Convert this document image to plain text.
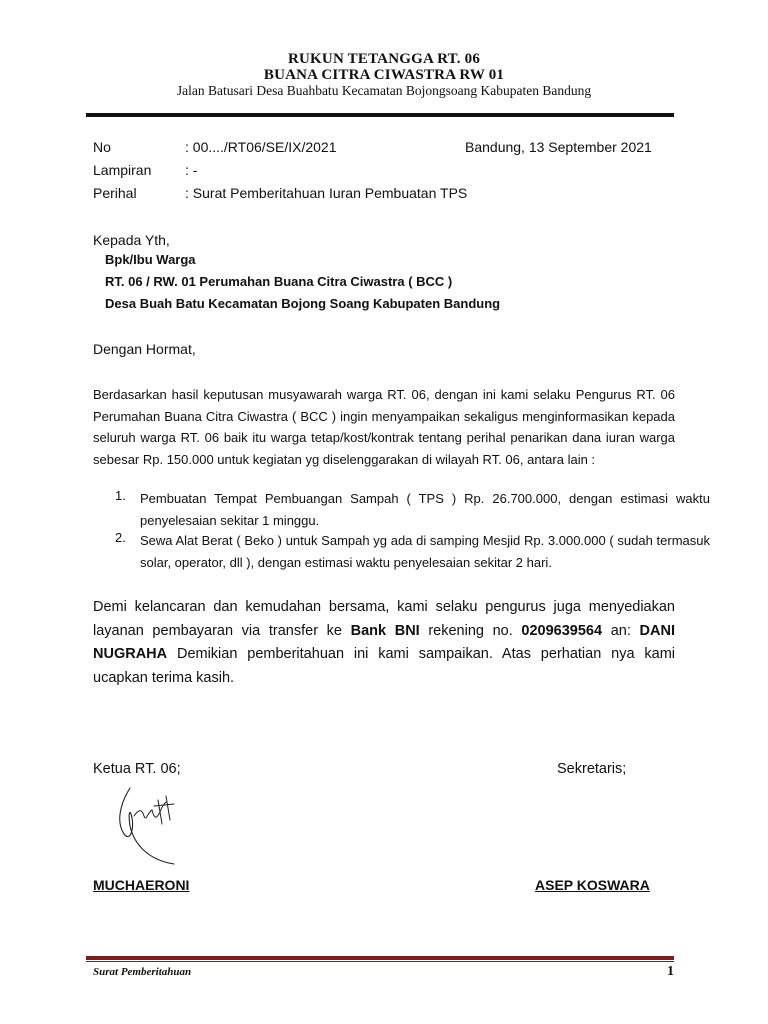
RUKUN TETANGGA RT. 06
BUANA CITRA CIWASTRA RW 01
Jalan Batusari Desa Buahbatu Kecamatan Bojongsoang Kabupaten Bandung
No	: 00..../RT06/SE/IX/2021	Bandung, 13 September 2021
Lampiran : -
Perihal	: Surat Pemberitahuan Iuran Pembuatan TPS
Kepada Yth,
Bpk/Ibu Warga
RT. 06 / RW. 01 Perumahan Buana Citra Ciwastra ( BCC )
Desa Buah Batu Kecamatan Bojong Soang Kabupaten Bandung
Dengan Hormat,
Berdasarkan hasil keputusan musyawarah warga RT. 06, dengan ini kami selaku Pengurus RT. 06 Perumahan Buana Citra Ciwastra ( BCC ) ingin menyampaikan sekaligus menginformasikan kepada seluruh warga RT. 06 baik itu warga tetap/kost/kontrak tentang perihal penarikan dana iuran warga sebesar Rp. 150.000 untuk kegiatan yg diselenggarakan di wilayah RT. 06, antara lain :
1. Pembuatan Tempat Pembuangan Sampah ( TPS ) Rp. 26.700.000, dengan estimasi waktu penyelesaian sekitar 1 minggu.
2. Sewa Alat Berat ( Beko ) untuk Sampah yg ada di samping Mesjid Rp. 3.000.000 ( sudah termasuk solar, operator, dll ), dengan estimasi waktu penyelesaian sekitar 2 hari.
Demi kelancaran dan kemudahan bersama, kami selaku pengurus juga menyediakan layanan pembayaran via transfer ke Bank BNI rekening no. 0209639564 an: DANI NUGRAHA Demikian pemberitahuan ini kami sampaikan. Atas perhatian nya kami ucapkan terima kasih.
Ketua RT. 06;	Sekretaris;
MUCHAERONI	ASEP KOSWARA
Surat Pemberitahuan	1
